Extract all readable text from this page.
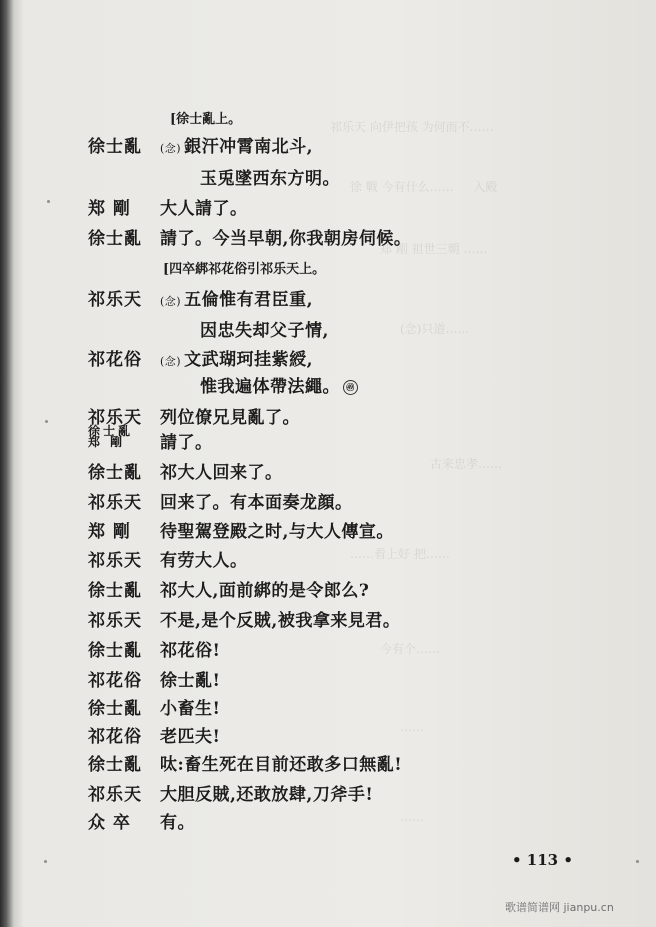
祁乐天 向伊把孩 为何而不……
徐 戰 今有什么…… 　 入殿
郑 剛 祖世三朝 ……
(念)只道……
古来忠孝……
……看上好 把……
今有个……
……
……
[徐士亂上。
徐士亂 (念) 銀汗冲霄南北斗,
玉兎墜西东方明。
郑 剛 大人請了。
徐士亂 請了。今当早朝,你我朝房伺候。
[四卒綁祁花俗引祁乐天上。
祁乐天 (念) 五倫惟有君臣重,
因忠失却父子情,
祁花俗 (念) 文武瑚珂挂紫綬,
惟我遍体帶法繩。 ㊾
祁乐天 列位僚兄見亂了。
徐士亂
郑 剛	請了。
徐士亂 祁大人回来了。
祁乐天 回来了。有本面奏龙顔。
郑 剛 待聖駕登殿之时,与大人傳宣。
祁乐天 有劳大人。
徐士亂 祁大人,面前綁的是令郎么?
祁乐天 不是,是个反賊,被我拿来見君。
徐士亂 祁花俗!
祁花俗 徐士亂!
徐士亂 小畜生!
祁花俗 老匹夫!
徐士亂 呔:畜生死在目前还敢多口無亂!
祁乐天 大胆反賊,还敢放肆,刀斧手!
众 卒 有。
• 113 •
歌谱简谱网 jianpu.cn
